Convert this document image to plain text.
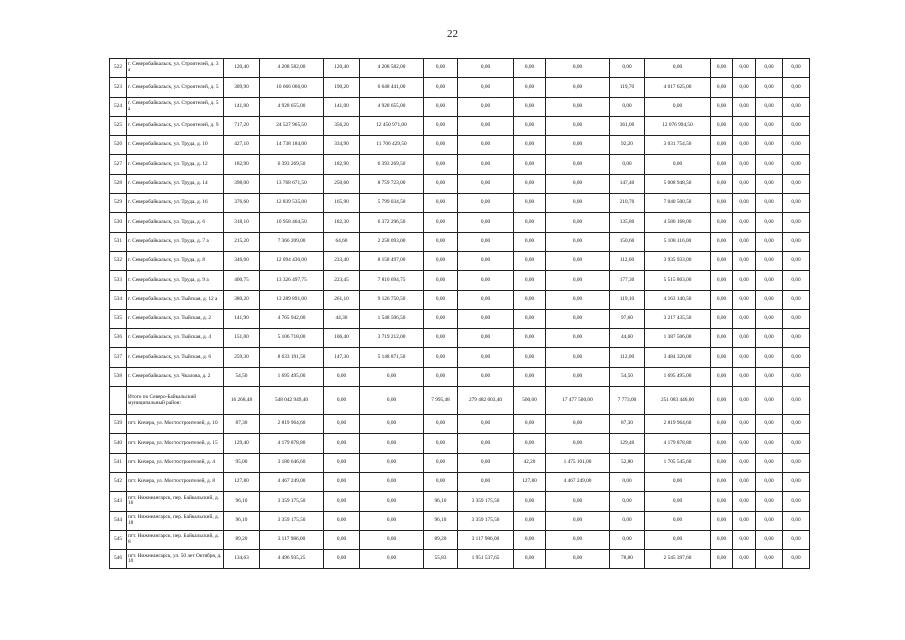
22
522	г. Северобайкальск, ул. Строителей, д. 3 а	120,40	4 208 582,00	120,40	4 208 582,00	0,00	0,00	0,00	0,00	0,00	0,00	0,00	0,00	0,00	0,00
523	г. Северобайкальск, ул. Строителей, д. 5	309,90	10 666 066,00	190,20	6 648 441,00	0,00	0,00	0,00	0,00	119,70	4 017 625,00	0,00	0,00	0,00	0,00
524	г. Северобайкальск, ул. Строителей, д. 5 а	141,00	4 928 655,00	141,00	4 928 655,00	0,00	0,00	0,00	0,00	0,00	0,00	0,00	0,00	0,00	0,00
525	г. Северобайкальск, ул. Строителей, д. 9	717,20	24 527 965,50	356,20	12 450 971,00	0,00	0,00	0,00	0,00	361,00	12 076 994,50	0,00	0,00	0,00	0,00
526	г. Северобайкальск, ул. Труда, д. 10	427,10	14 738 184,00	334,90	11 706 429,50	0,00	0,00	0,00	0,00	92,20	3 031 754,50	0,00	0,00	0,00	0,00
527	г. Северобайкальск, ул. Труда, д. 12	182,90	6 393 269,50	182,90	6 393 269,50	0,00	0,00	0,00	0,00	0,00	0,00	0,00	0,00	0,00	0,00
528	г. Северобайкальск, ул. Труда, д. 14	398,00	13 768 671,50	250,60	8 759 723,00	0,00	0,00	0,00	0,00	147,40	5 008 948,50	0,00	0,00	0,00	0,00
529	г. Северобайкальск, ул. Труда, д. 16	376,60	12 839 535,00	165,90	5 799 034,50	0,00	0,00	0,00	0,00	210,70	7 040 500,50	0,00	0,00	0,00	0,00
530	г. Северобайкальск, ул. Труда, д. 6	318,10	10 958 464,50	182,30	6 372 296,50	0,00	0,00	0,00	0,00	135,80	4 586 168,00	0,00	0,00	0,00	0,00
531	г. Северобайкальск, ул. Труда, д. 7 а	215,20	7 366 209,00	64,60	2 258 093,00	0,00	0,00	0,00	0,00	150,60	5 108 116,00	0,00	0,00	0,00	0,00
532	г. Северобайкальск, ул. Труда, д. 8	346,00	12 094 430,00	233,40	8 158 497,00	0,00	0,00	0,00	0,00	112,60	3 935 933,00	0,00	0,00	0,00	0,00
533	г. Северобайкальск, ул. Труда, д. 9 а	400,75	13 326 497,75	223,45	7 810 694,75	0,00	0,00	0,00	0,00	177,30	5 515 803,00	0,00	0,00	0,00	0,00
534	г. Северобайкальск, ул. Тыйская, д. 12 а	380,20	13 289 891,00	261,10	9 126 750,50	0,00	0,00	0,00	0,00	119,10	4 163 140,50	0,00	0,00	0,00	0,00
535	г. Северобайкальск, ул. Тыйская, д. 2	141,90	4 765 942,00	44,30	1 548 506,50	0,00	0,00	0,00	0,00	97,60	3 217 435,50	0,00	0,00	0,00	0,00
536	г. Северобайкальск, ул. Тыйская, д. 4	151,00	5 106 718,00	106,40	3 719 212,00	0,00	0,00	0,00	0,00	44,60	1 387 506,00	0,00	0,00	0,00	0,00
537	г. Северобайкальск, ул. Тыйская, д. 6	259,30	8 633 191,50	147,30	5 148 871,50	0,00	0,00	0,00	0,00	112,00	3 484 320,00	0,00	0,00	0,00	0,00
538	г. Северобайкальск, ул. Чкалова, д. 2	54,50	1 695 495,00	0,00	0,00	0,00	0,00	0,00	0,00	54,50	1 695 495,00	0,00	0,00	0,00	0,00
	Итого по Северо-Байкальский муниципальный район:	16 268,48	548 042 949,40	0,00	0,00	7 995,48	279 482 003,40	500,00	17 477 500,00	7 773,00	251 083 446,00	0,00	0,00	0,00	0,00
539	пгт. Кичера, ул. Мостостроителей, д. 10	87,30	2 819 964,60	0,00	0,00	0,00	0,00	0,00	0,00	87,30	2 819 964,60	0,00	0,00	0,00	0,00
540	пгт. Кичера, ул. Мостостроителей, д. 15	129,40	4 179 878,80	0,00	0,00	0,00	0,00	0,00	0,00	129,40	4 179 878,80	0,00	0,00	0,00	0,00
541	пгт. Кичера, ул. Мостостроителей, д. 4	95,00	3 180 646,60	0,00	0,00	0,00	0,00	42,20	1 475 101,00	52,80	1 705 545,60	0,00	0,00	0,00	0,00
542	пгт. Кичера, ул. Мостостроителей, д. 8	127,80	4 467 249,00	0,00	0,00	0,00	0,00	127,80	4 467 249,00	0,00	0,00	0,00	0,00	0,00	0,00
543	пгт. Нижнеангарск, пер. Байкальский, д. 16	96,10	3 359 175,50	0,00	0,00	96,10	3 359 175,50	0,00	0,00	0,00	0,00	0,00	0,00	0,00	0,00
544	пгт. Нижнеангарск, пер. Байкальский, д. 18	96,10	3 359 175,50	0,00	0,00	96,10	3 359 175,50	0,00	0,00	0,00	0,00	0,00	0,00	0,00	0,00
545	пгт. Нижнеангарск, пер. Байкальский, д. 8	89,20	3 117 986,00	0,00	0,00	89,20	3 117 986,00	0,00	0,00	0,00	0,00	0,00	0,00	0,00	0,00
546	пгт. Нижнеангарск, ул. 50 лет Октября, д. 10	134,63	4 496 935,25	0,00	0,00	55,83	1 951 537,65	0,00	0,00	78,80	2 545 397,60	0,00	0,00	0,00	0,00
